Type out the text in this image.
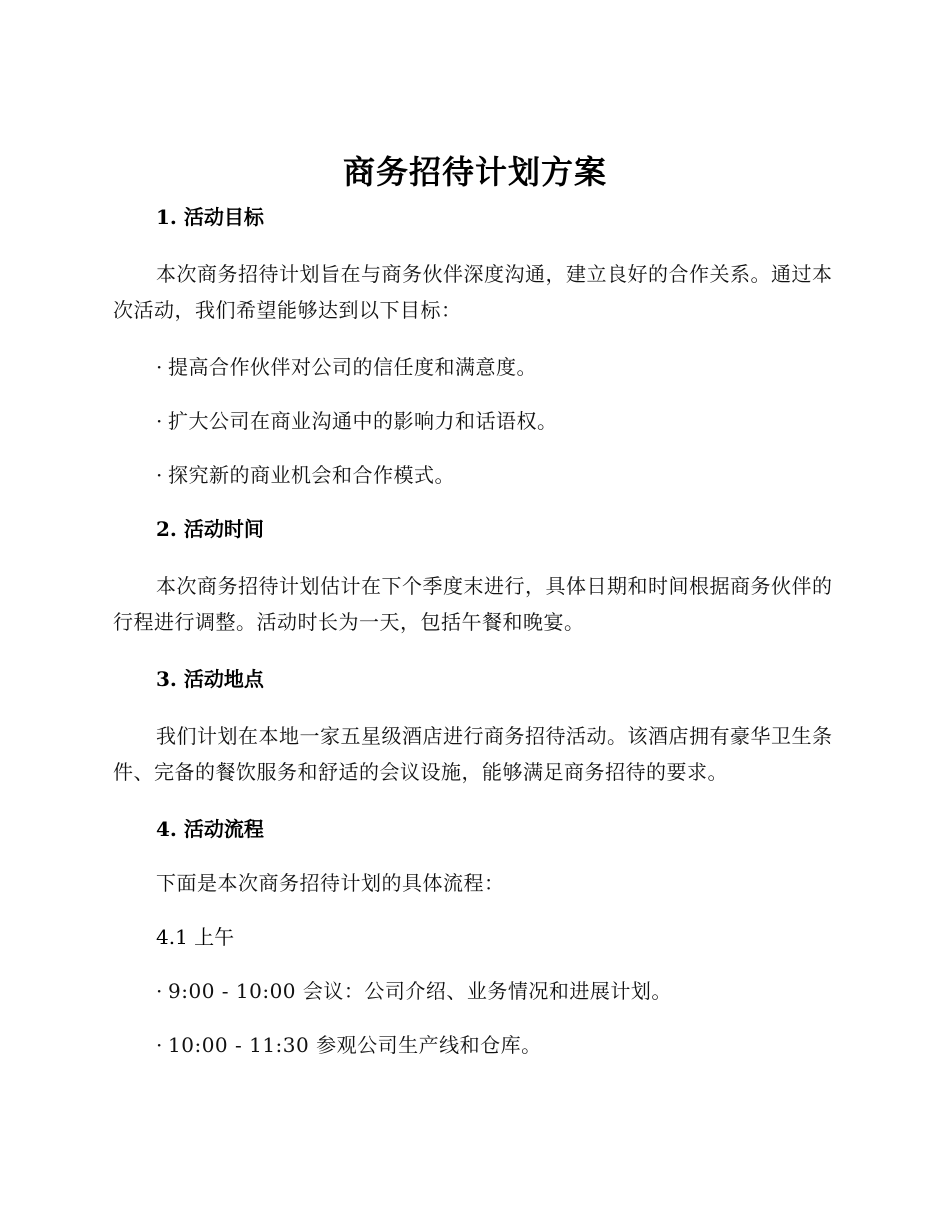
商务招待计划方案

1. 活动目标

本次商务招待计划旨在与商务伙伴深度沟通，建立良好的合作关系。通过本次活动，我们希望能够达到以下目标：

· 提高合作伙伴对公司的信任度和满意度。

· 扩大公司在商业沟通中的影响力和话语权。

· 探究新的商业机会和合作模式。

2. 活动时间

本次商务招待计划估计在下个季度末进行，具体日期和时间根据商务伙伴的行程进行调整。活动时长为一天，包括午餐和晚宴。

3. 活动地点

我们计划在本地一家五星级酒店进行商务招待活动。该酒店拥有豪华卫生条件、完备的餐饮服务和舒适的会议设施，能够满足商务招待的要求。

4. 活动流程

下面是本次商务招待计划的具体流程：

4.1 上午

· 9:00 - 10:00 会议：公司介绍、业务情况和进展计划。

· 10:00 - 11:30 参观公司生产线和仓库。
